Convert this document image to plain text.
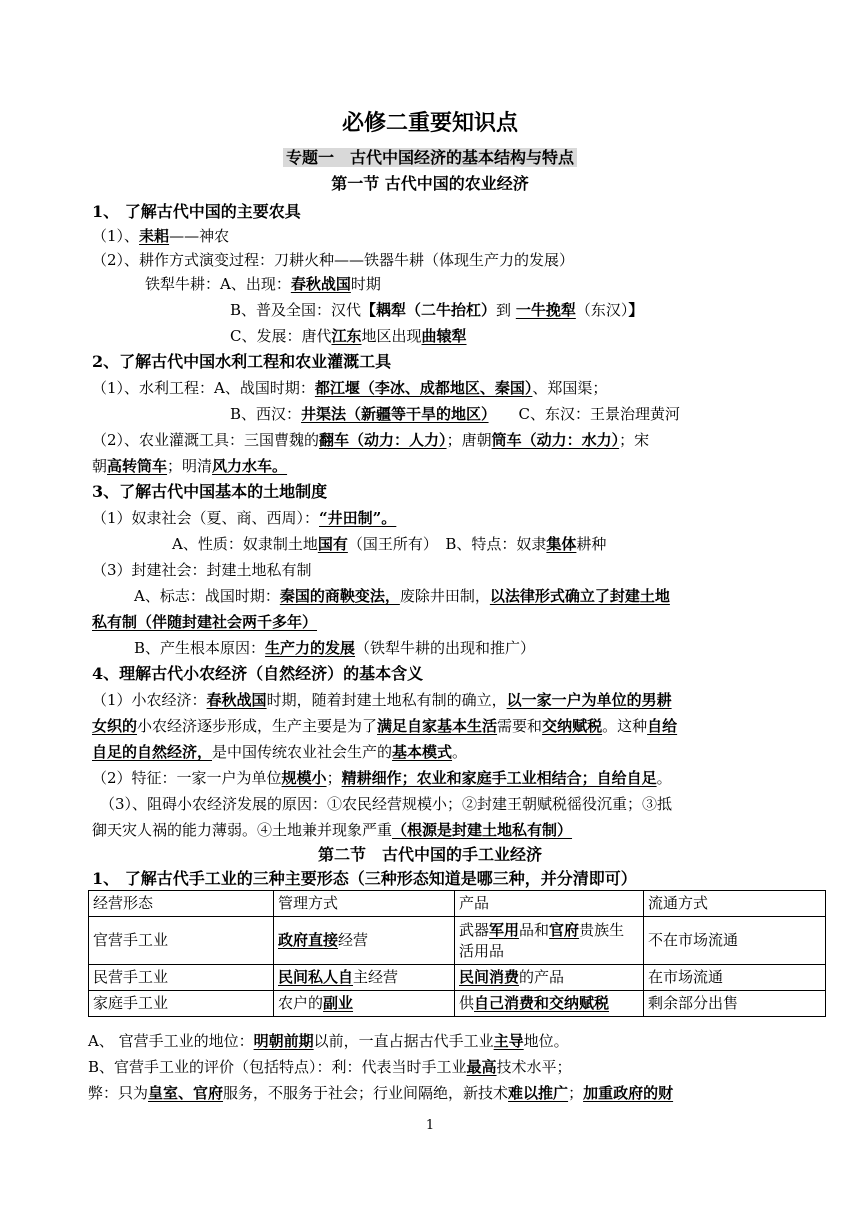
必修二重要知识点
专题一　古代中国经济的基本结构与特点
第一节 古代中国的农业经济
1、 了解古代中国的主要农具
（1）、耒耜——神农
（2）、耕作方式演变过程：刀耕火种——铁器牛耕（体现生产力的发展）
铁犁牛耕：A、出现：春秋战国时期
B、普及全国：汉代【耦犁（二牛抬杠）到 一牛挽犁（东汉）】
C、发展：唐代江东地区出现曲辕犁
2、了解古代中国水利工程和农业灌溉工具
（1）、水利工程：A、战国时期：都江堰（李冰、成都地区、秦国）、郑国渠；
B、西汉：井渠法（新疆等干旱的地区）　　C、东汉：王景治理黄河
（2）、农业灌溉工具：三国曹魏的翻车（动力：人力）；唐朝筒车（动力：水力）；宋
朝高转筒车；明清风力水车。
3、了解古代中国基本的土地制度
（1）奴隶社会（夏、商、西周）：“井田制”。
A、性质：奴隶制土地国有（国王所有）　B、特点：奴隶集体耕种
（3）封建社会：封建土地私有制
A、标志：战国时期：秦国的商鞅变法，废除井田制，以法律形式确立了封建土地
私有制（伴随封建社会两千多年）
B、产生根本原因：生产力的发展（铁犁牛耕的出现和推广）
4、理解古代小农经济（自然经济）的基本含义
（1）小农经济：春秋战国时期，随着封建土地私有制的确立，以一家一户为单位的男耕
女织的小农经济逐步形成，生产主要是为了满足自家基本生活需要和交纳赋税。这种自给
自足的自然经济，是中国传统农业社会生产的基本模式。
（2）特征：一家一户为单位规模小；精耕细作；农业和家庭手工业相结合；自给自足。
（3）、阻碍小农经济发展的原因：①农民经营规模小；②封建王朝赋税徭役沉重；③抵
御天灾人祸的能力薄弱。④土地兼并现象严重（根源是封建土地私有制）
第二节　古代中国的手工业经济
1、 了解古代手工业的三种主要形态（三种形态知道是哪三种，并分清即可）
经营形态	管理方式	产品	流通方式
官营手工业	政府直接经营	武器军用品和官府贵族生活用品	不在市场流通
民营手工业	民间私人自主经营	民间消费的产品	在市场流通
家庭手工业	农户的副业	供自己消费和交纳赋税	剩余部分出售
A、 官营手工业的地位：明朝前期以前，一直占据古代手工业主导地位。
B、官营手工业的评价（包括特点）：利：代表当时手工业最高技术水平；
弊：只为皇室、官府服务，不服务于社会；行业间隔绝，新技术难以推广；加重政府的财
1
